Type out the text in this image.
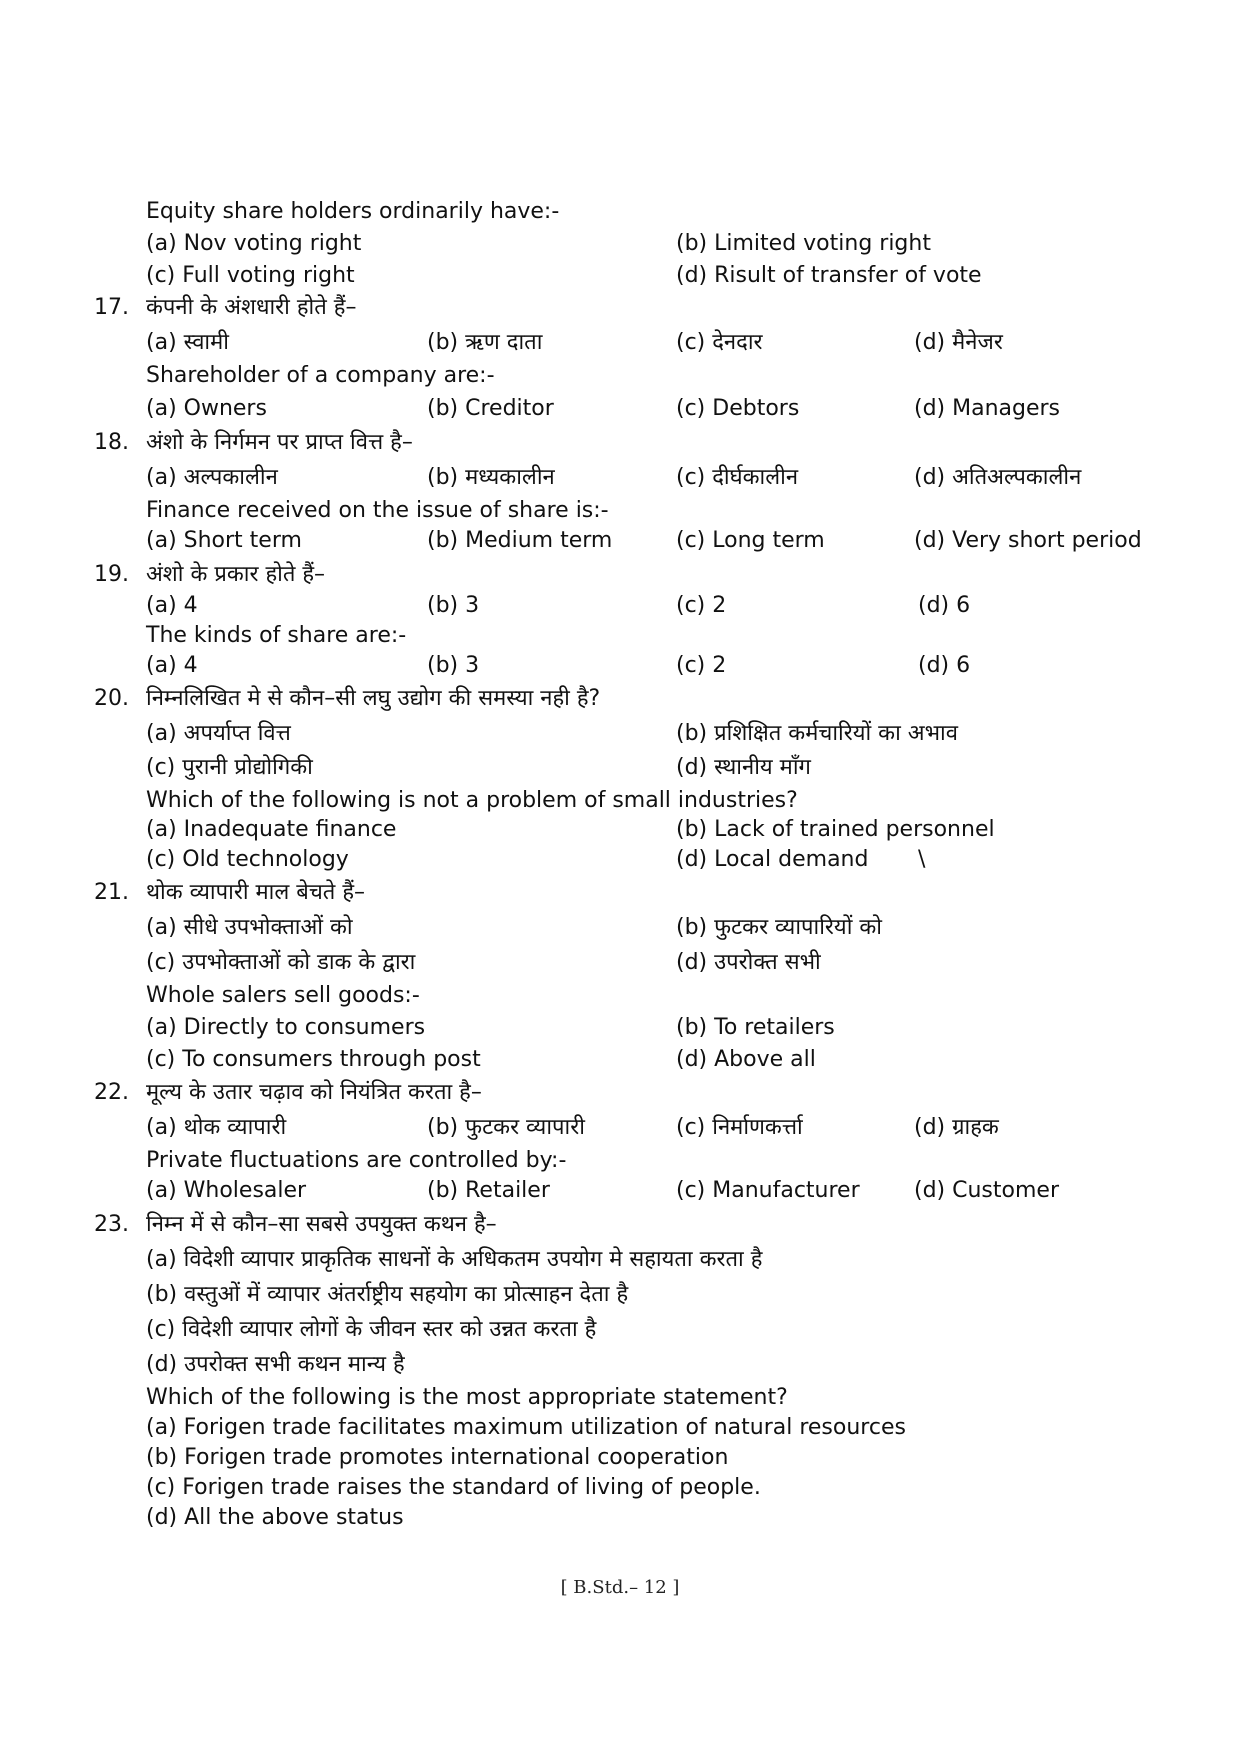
Equity share holders ordinarily have:-
(a) Nov voting right	(b) Limited voting right
(c) Full voting right	(d) Risult of transfer of vote
17. कंपनी के अंशधारी होते हैं–
(a) स्वामी	(b) ऋण दाता	(c) देनदार	(d) मैनेजर
Shareholder of a company are:-
(a) Owners	(b) Creditor	(c) Debtors	(d) Managers
18. अंशो के निर्गमन पर प्राप्त वित्त है–
(a) अल्पकालीन	(b) मध्यकालीन	(c) दीर्घकालीन	(d) अतिअल्पकालीन
Finance received on the issue of share is:-
(a) Short term	(b) Medium term	(c) Long term	(d) Very short period
19. अंशो के प्रकार होते हैं–
(a) 4	(b) 3	(c) 2	(d) 6
The kinds of share are:-
(a) 4	(b) 3	(c) 2	(d) 6
20. निम्नलिखित मे से कौन–सी लघु उद्योग की समस्या नही है?
(a) अपर्याप्त वित्त	(b) प्रशिक्षित कर्मचारियों का अभाव
(c) पुरानी प्रोद्योगिकी	(d) स्थानीय माँग
Which of the following is not a problem of small industries?
(a) Inadequate finance	(b) Lack of trained personnel
(c) Old technology	(d) Local demand \
21. थोक व्यापारी माल बेचते हैं–
(a) सीधे उपभोक्ताओं को	(b) फुटकर व्यापारियों को
(c) उपभोक्ताओं को डाक के द्वारा	(d) उपरोक्त सभी
Whole salers sell goods:-
(a) Directly to consumers	(b) To retailers
(c) To consumers through post	(d) Above all
22. मूल्य के उतार चढ़ाव को नियंत्रित करता है–
(a) थोक व्यापारी	(b) फुटकर व्यापारी	(c) निर्माणकर्त्ता	(d) ग्राहक
Private fluctuations are controlled by:-
(a) Wholesaler	(b) Retailer	(c) Manufacturer (d) Customer
23. निम्न में से कौन–सा सबसे उपयुक्त कथन है–
(a) विदेशी व्यापार प्राकृतिक साधनों के अधिकतम उपयोग मे सहायता करता है
(b) वस्तुओं में व्यापार अंतर्राष्ट्रीय सहयोग का प्रोत्साहन देता है
(c) विदेशी व्यापार लोगों के जीवन स्तर को उन्नत करता है
(d) उपरोक्त सभी कथन मान्य है
Which of the following is the most appropriate statement?
(a) Forigen trade facilitates maximum utilization of natural resources
(b) Forigen trade promotes international cooperation
(c) Forigen trade raises the standard of living of people.
(d) All the above status
[ B.Std.– 12 ]
